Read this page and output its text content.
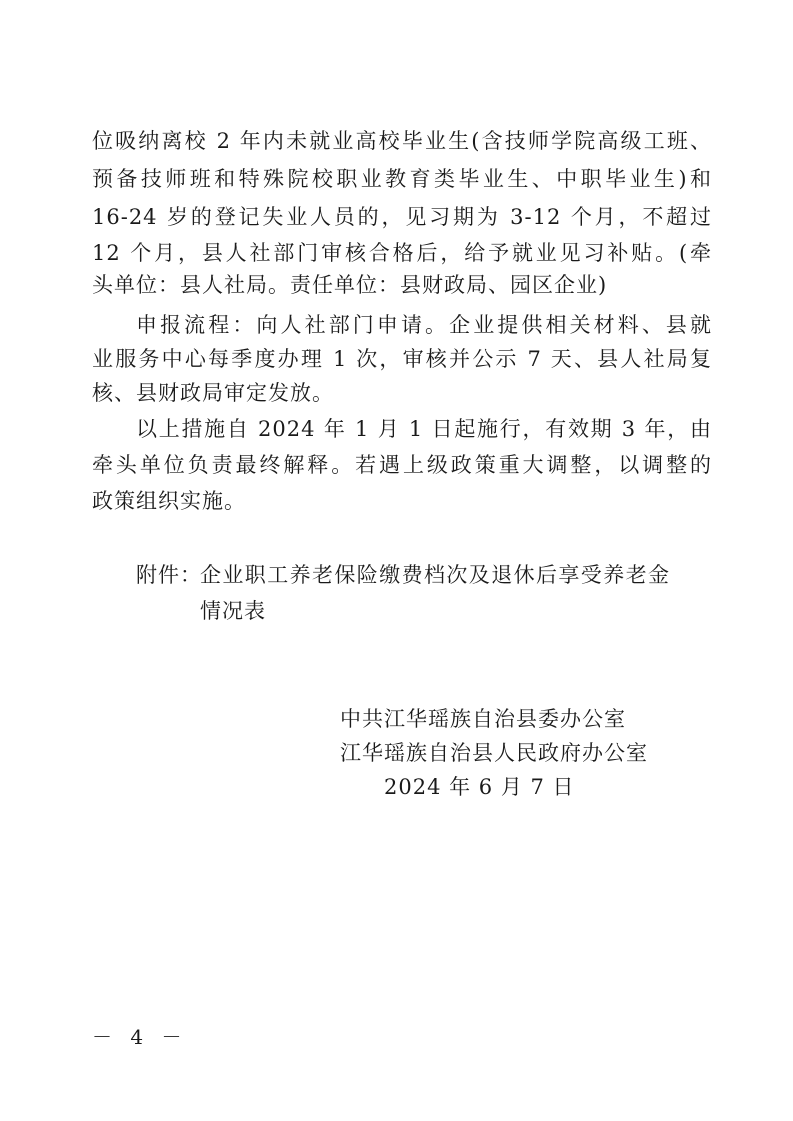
位吸纳离校 2 年内未就业高校毕业生(含技师学院高级工班、
预备技师班和特殊院校职业教育类毕业生、中职毕业生)和
16-24 岁的登记失业人员的，见习期为 3-12 个月，不超过
12 个月，县人社部门审核合格后，给予就业见习补贴。(牵
头单位：县人社局。责任单位：县财政局、园区企业)
申报流程：向人社部门申请。企业提供相关材料、县就
业服务中心每季度办理 1 次，审核并公示 7 天、县人社局复
核、县财政局审定发放。
以上措施自 2024 年 1 月 1 日起施行，有效期 3 年，由
牵头单位负责最终解释。若遇上级政策重大调整，以调整的
政策组织实施。
附件：
企业职工养老保险缴费档次及退休后享受养老金
情况表
中共江华瑶族自治县委办公室
江华瑶族自治县人民政府办公室
2024 年 6 月 7 日
－ 4 －
